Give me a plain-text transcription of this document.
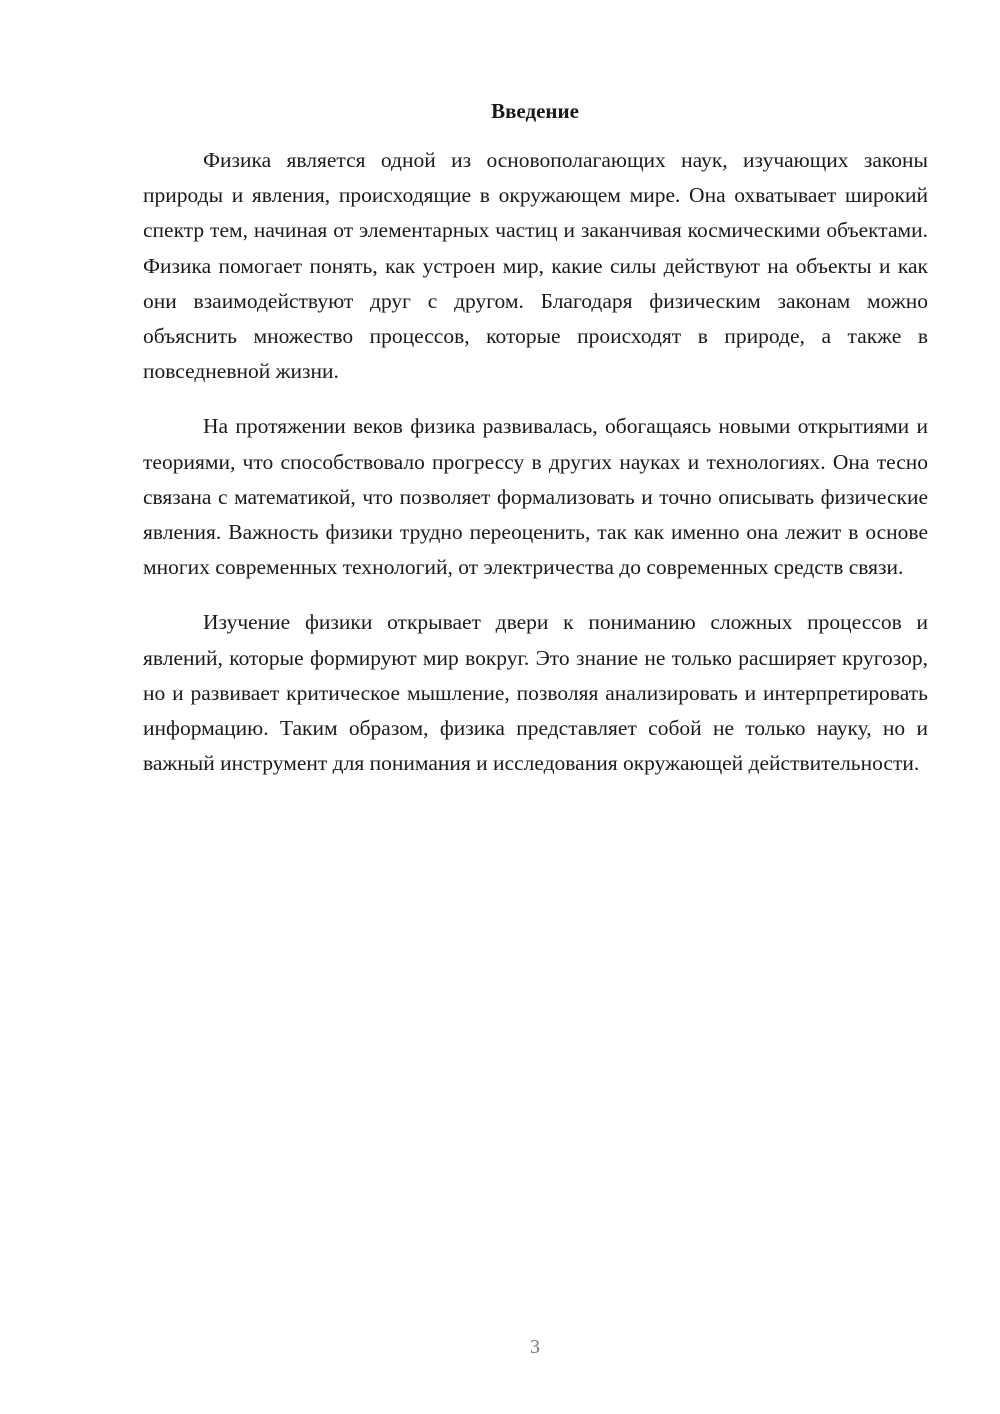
Введение

Физика является одной из основополагающих наук, изучающих законы природы и явления, происходящие в окружающем мире. Она охватывает широкий спектр тем, начиная от элементарных частиц и заканчивая космическими объектами. Физика помогает понять, как устроен мир, какие силы действуют на объекты и как они взаимодействуют друг с другом. Благодаря физическим законам можно объяснить множество процессов, которые происходят в природе, а также в повседневной жизни.

На протяжении веков физика развивалась, обогащаясь новыми открытиями и теориями, что способствовало прогрессу в других науках и технологиях. Она тесно связана с математикой, что позволяет формализовать и точно описывать физические явления. Важность физики трудно переоценить, так как именно она лежит в основе многих современных технологий, от электричества до современных средств связи.

Изучение физики открывает двери к пониманию сложных процессов и явлений, которые формируют мир вокруг. Это знание не только расширяет кругозор, но и развивает критическое мышление, позволяя анализировать и интерпретировать информацию. Таким образом, физика представляет собой не только науку, но и важный инструмент для понимания и исследования окружающей действительности.

3
